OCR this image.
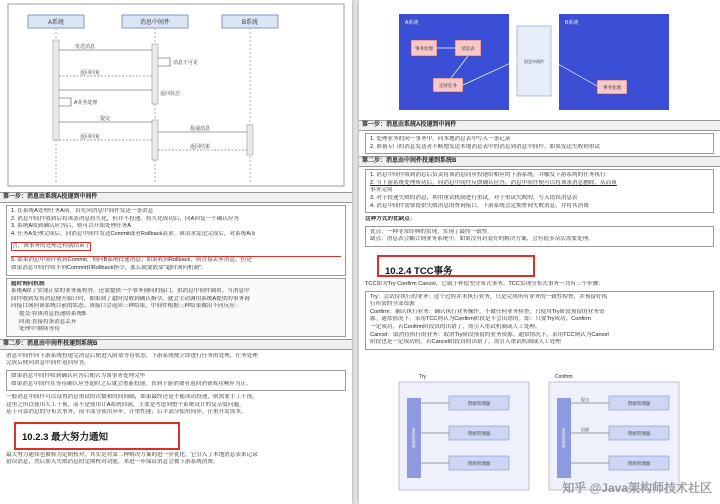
A系统	消息中间件	B系统
发送消息
消息不可见
返回回复
A业务处理
返回状态
提交
投递消息
返回结果
返回回复
第一步：消息由系统A投递到中间件
1. 在系统A处理任务A前，首先向消息中间件发送一条消息
2. 消息中间件收到后将该条消息持久化，但并不投递。持久化成功后，向A回复一个确认应答
3. 系统A收到确认应答后，则可以开始处理任务A
4. 任务A处理完成后，向消息中间件发送Commit或者Rollback请求。该请求发送完成后，对系统A而
言，该事务的处理过程就结束了
5. 如果消息中间件收到Commit，则向B系统投递消息；如果收到Rollback，则直接丢弃消息。但是
如果消息中间件收不到Commit和Rollback指令，那么就要依靠"超时询问机制"。
超时询问机制
系统A除了实现正常的业务流程外，还需提供一个事务询问的接口，供消息中间件调用。当消息中
间件收到发布消息便开始计时，如果到了超时没收到确认指令，就会主动调用系统A提供的事务询
问接口询问该系统目前的状态。该接口会返回三种结果，中间件根据三种结果做出不同反应：
提交:将该消息投递给系统B
回滚:直接将条消息丢弃
处理中:继续等待
第二步：消息由中间件投递到系统B
消息中间件向下游系统投递完消息后便进入阻塞等待状态，下游系统便立即进行任务的处理，任务处理
完成后便向消息中间件返回应答。
如果消息中间件收到确认应答后便认为该事务处理完毕
如果消息中间件在等待确认应答超时之后就会重新投递，直到下游消费者返回消费成功响应为止。
一般消息中间件可以设置消息重试的次数和时间间隔，如果最终还是不能成功投递，则需要手工干预。
这里之所以使用人工干预，而不是使用让A系统回滚，主要是考虑到整个系统设计的复杂度问题。
基于可靠消息的分布式事务，前半部分使用异步，注重性能；后半部分使用同步，注重开发成本。
10.2.3 最大努力通知
最大努力通知也被称为定期校对，其实是对第二种解决方案的进一步优化。它引入了本地消息表来记录
错误消息，然后加入失败消息的定期校对功能，来进一步保证消息会被下游系统消费。
A系统	B系统
事务处理	消息表
定时任务	事务处理
消息中间件
第一步：消息由系统A投递到中间件
1. 处理业务的同一事务中，向本地消息表中写入一条记录
2. 准备专门的消息发送者不断地发送本地消息表中的消息到消息中间件，如果发送失败则重试
第二步：消息由中间件投递到系统B
1. 消息中间件收到消息后负责将该消息同步投递给相应的下游系统，并触发下游系统的任务执行
2. 当下游系统处理成功后，向消息中间件反馈确认应答，消息中间件便可以将该条消息删除，从而该
事务完成
3. 对于投递失败的消息，利用重试机制进行重试，对于重试失败的，写入错误消息表
4. 消息中间件需要提供失败消息的查询接口，下游系统会定期查询失败消息，并将其消费
这种方式的优缺点：
优点：一种非常经典的实现，实现了最终一致性。
缺点：消息表会耦合到业务系统中，如果没有封装好的解决方案，会有很多杂活需要处理。
10.2.4 TCC事务
TCC即为Try Confirm Cancel，它属于补偿型分布式事务。TCC实现分布式事务一共有三个步骤：
Try：尝试待执行的业务：这个过程并未执行业务，只是完成所有业务的一致性检查，并预留好执
行所需的全部资源
Confirm：确认执行业务：确认执行业务操作，不做任何业务检查，只使用Try阶段预留的业务资
源。通常情况下，采用TCC则认为Confirm阶段是不会出错的。即：只要Try成功，Confirm
一定成功。若Confirm阶段真的出错了，需引入重试机制或人工处理。
Cancel：取消待执行的业务：取消Try阶段预留的业务资源。通常情况下，采用TCC则认为Cancel
阶段也是一定成功的。若Cancel阶段真的出错了，需引入重试机制或人工处理
Try	Confirm
事务管理器
资源管理器
资源管理器
资源管理器
事务管理器
资源管理器
资源管理器
资源管理器
提交
回滚
知乎 @Java架构师技术社区
